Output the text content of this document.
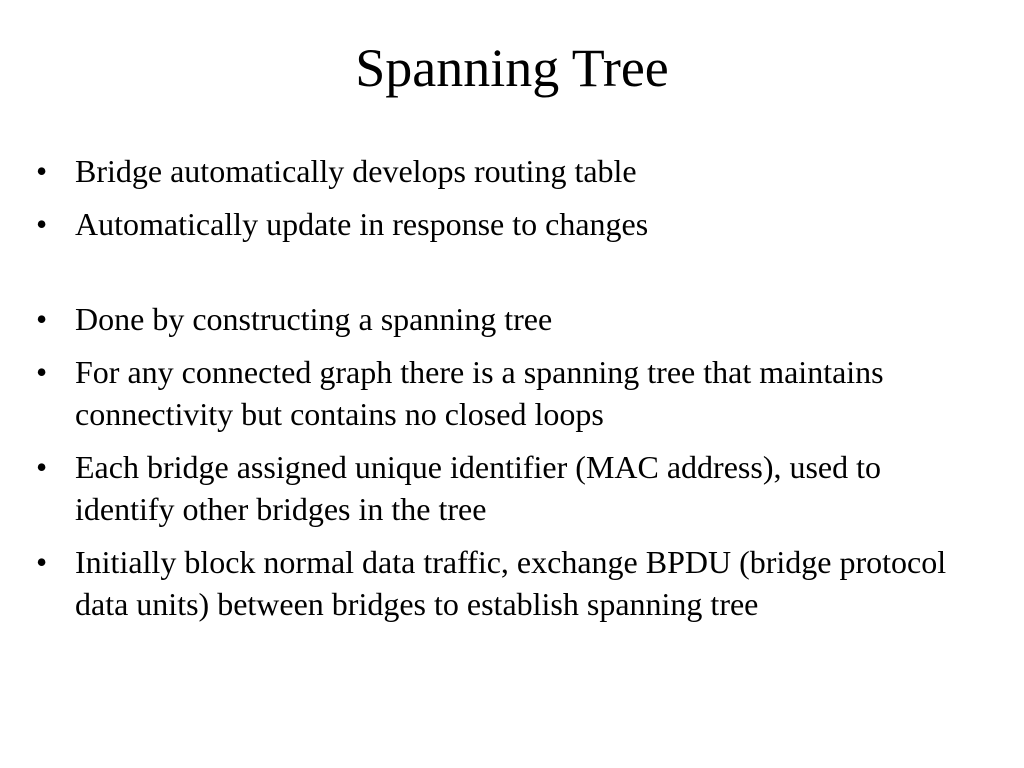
Spanning Tree
• Bridge automatically develops routing table
• Automatically update in response to changes
• Done by constructing a spanning tree
• For any connected graph there is a spanning tree that maintains connectivity but contains no closed loops
• Each bridge assigned unique identifier (MAC address), used to identify other bridges in the tree
• Initially block normal data traffic, exchange BPDU (bridge protocol data units) between bridges to establish spanning tree
